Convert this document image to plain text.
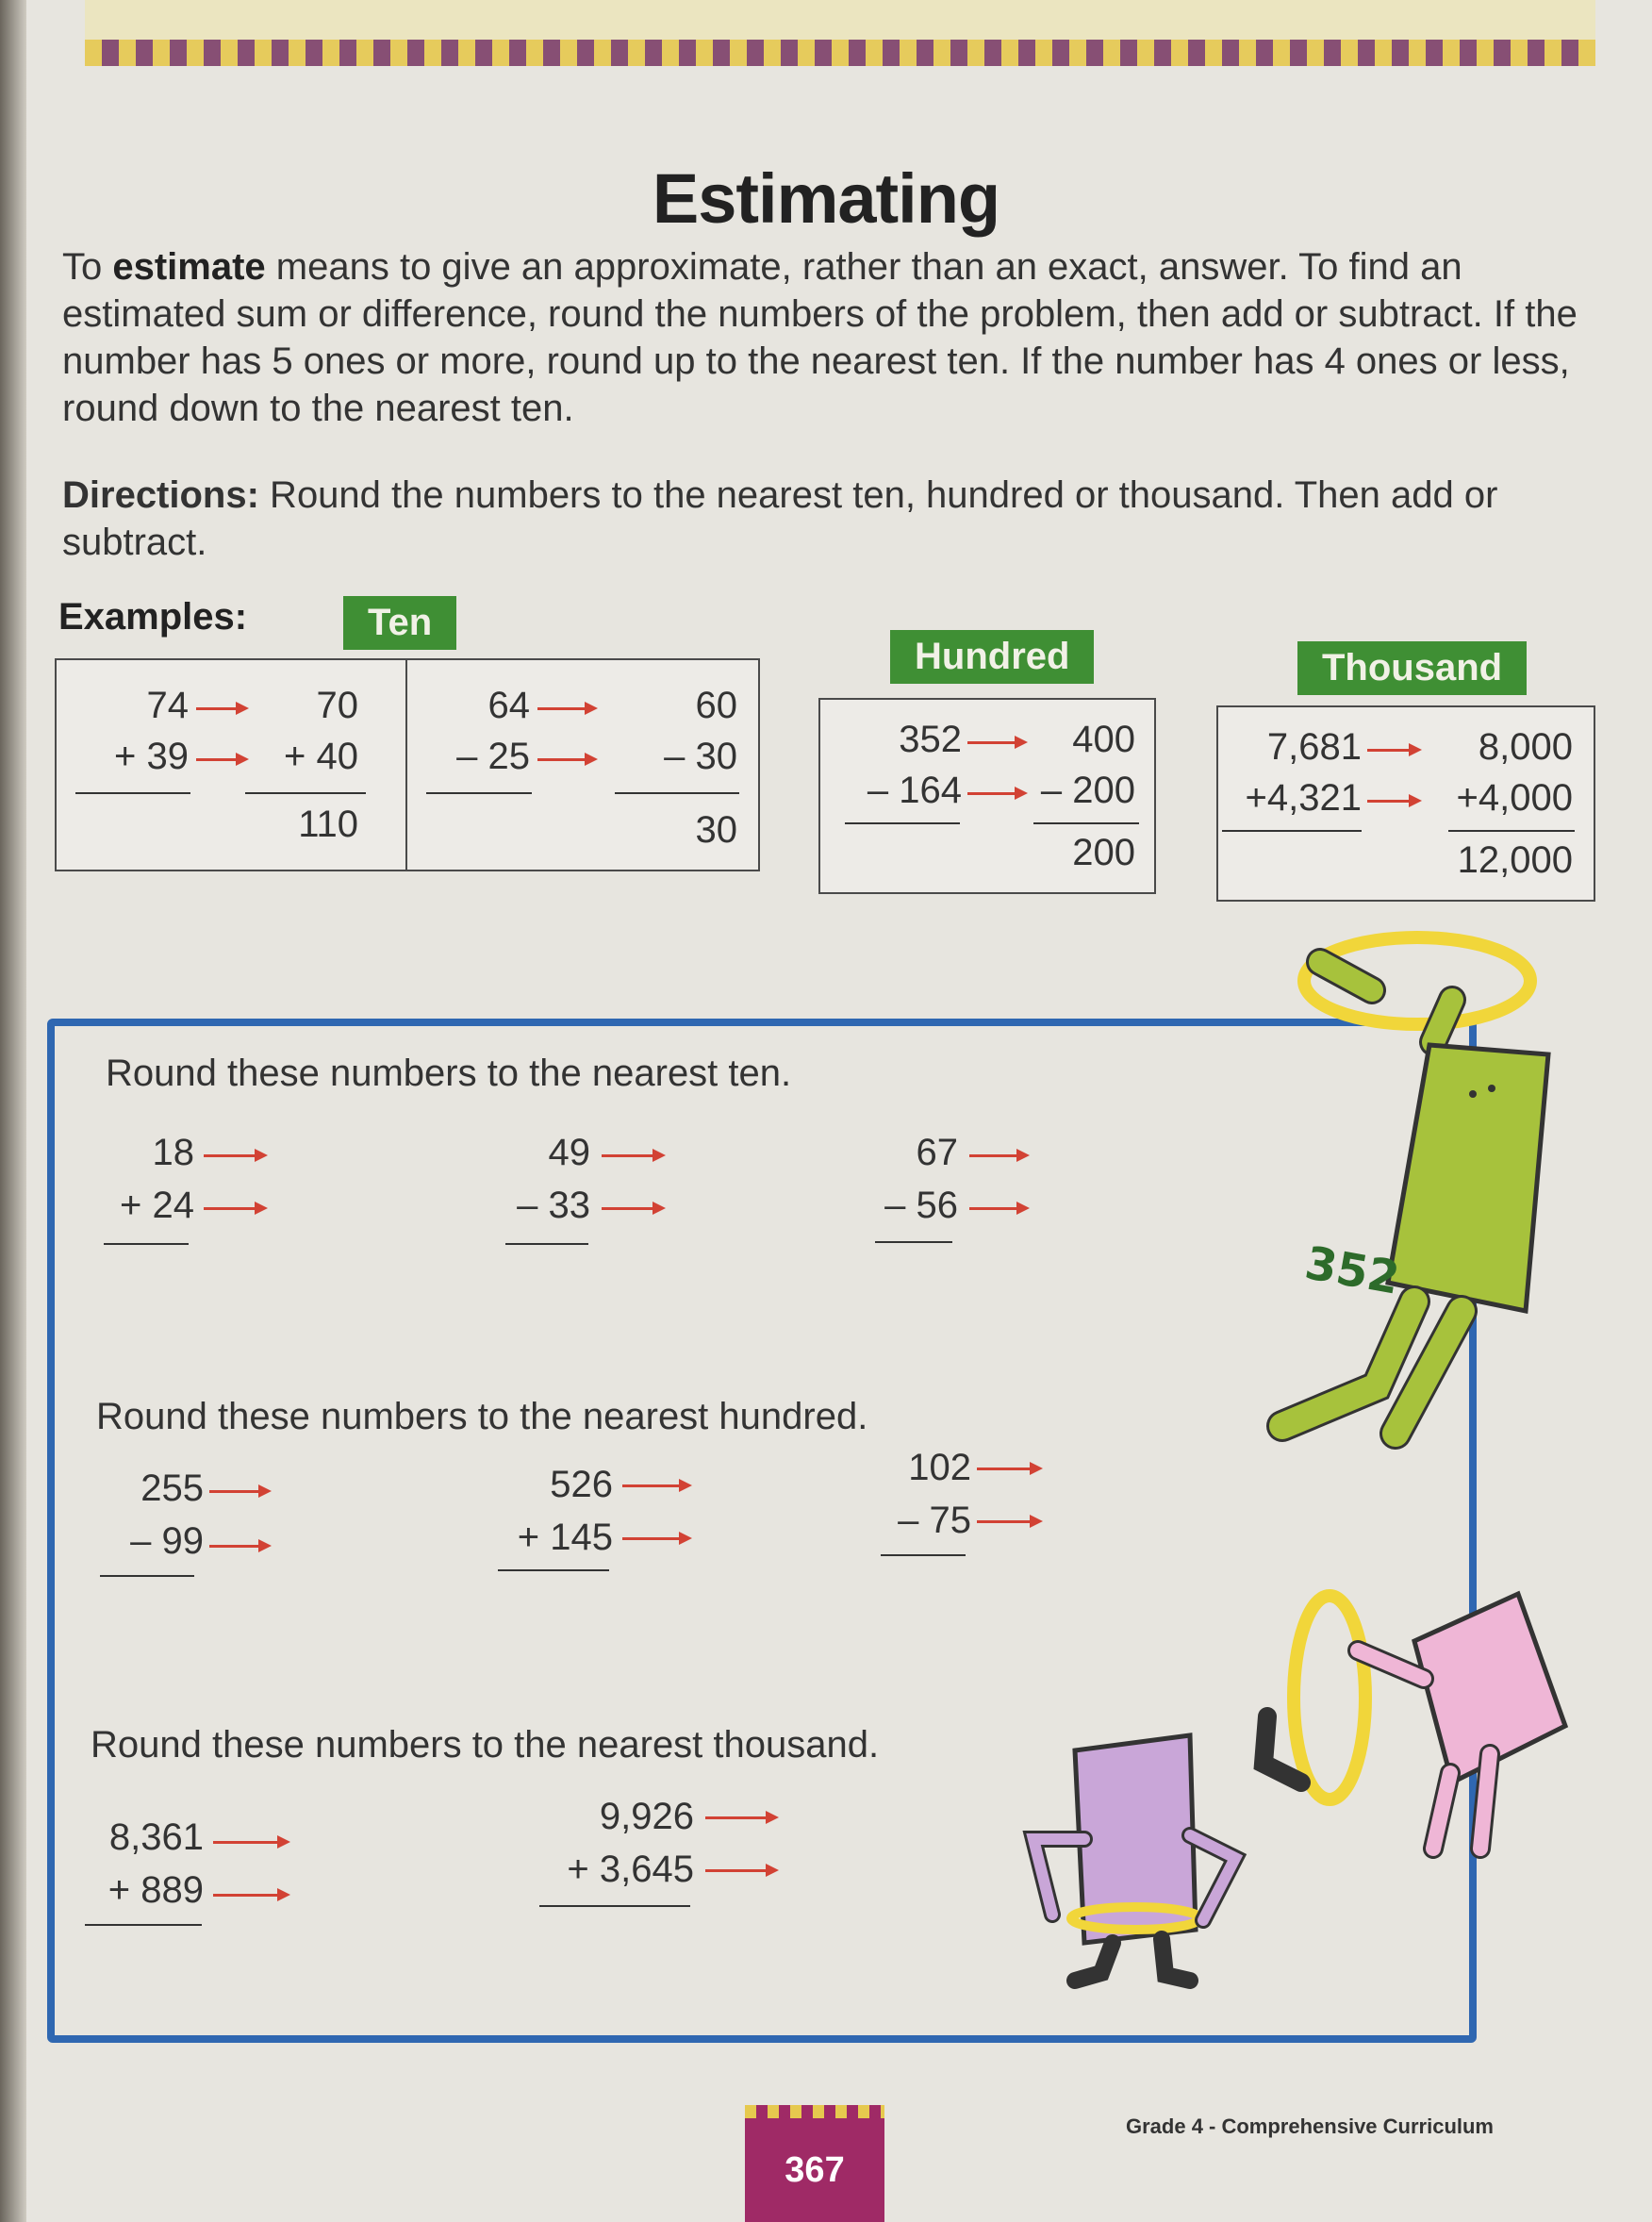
Estimating
To estimate means to give an approximate, rather than an exact, answer. To find an estimated sum or difference, round the numbers of the problem, then add or subtract. If the number has 5 ones or more, round up to the nearest ten. If the number has 4 ones or less, round down to the nearest ten.
Directions: Round the numbers to the nearest ten, hundred or thousand. Then add or subtract.
Examples:	Ten
Hundred	Thousand
74	70
+ 39	+ 40
110
64	60
– 25	– 30
30
352	400
– 164	– 200
200
7,681	8,000
+4,321	+4,000
12,000
Round these numbers to the nearest ten.
18
+ 24
49
– 33
67
– 56
Round these numbers to the nearest hundred.
255
– 99
526
+ 145
102
– 75
Round these numbers to the nearest thousand.
8,361
+ 889
9,926
+ 3,645
352
367
Grade 4 - Comprehensive Curriculum
